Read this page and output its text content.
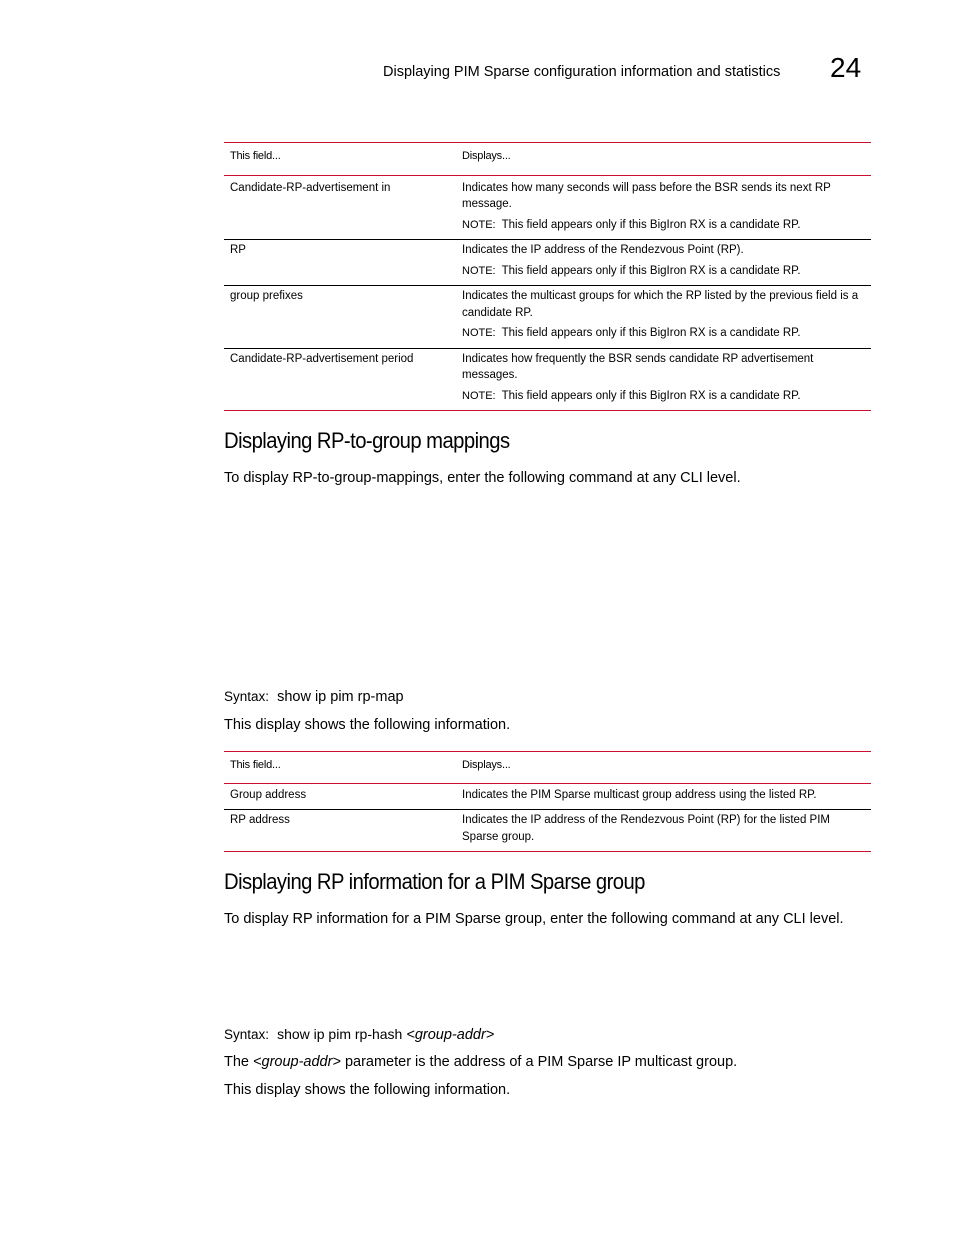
Displaying PIM Sparse configuration information and statistics 24
This field...	Displays...
Candidate-RP-advertisement in	Indicates how many seconds will pass before the BSR sends its next RP message.
NOTE: This field appears only if this BigIron RX is a candidate RP.

RP	Indicates the IP address of the Rendezvous Point (RP).
NOTE: This field appears only if this BigIron RX is a candidate RP.

group prefixes	Indicates the multicast groups for which the RP listed by the previous field is a candidate RP.
NOTE: This field appears only if this BigIron RX is a candidate RP.

Candidate-RP-advertisement period	Indicates how frequently the BSR sends candidate RP advertisement messages.
NOTE: This field appears only if this BigIron RX is a candidate RP.
Displaying RP-to-group mappings

To display RP-to-group-mappings, enter the following command at any CLI level.

Syntax: show ip pim rp-map

This display shows the following information.

This field...	Displays...
Group address	Indicates the PIM Sparse multicast group address using the listed RP.
RP address	Indicates the IP address of the Rendezvous Point (RP) for the listed PIM Sparse group.
Displaying RP information for a PIM Sparse group

To display RP information for a PIM Sparse group, enter the following command at any CLI level.

Syntax: show ip pim rp-hash <group-addr>

The <group-addr> parameter is the address of a PIM Sparse IP multicast group.

This display shows the following information.
